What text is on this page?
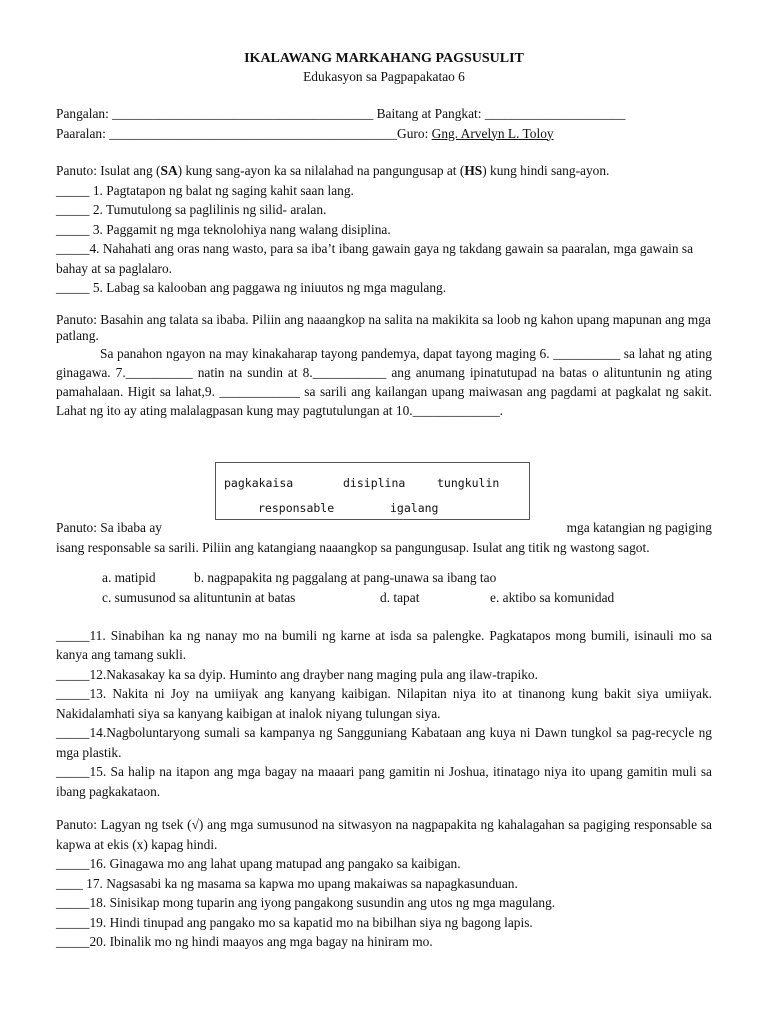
IKALAWANG MARKAHANG PAGSUSULIT
Edukasyon sa Pagpapakatao 6
Pangalan: _______________________________________ Baitang at Pangkat: _____________________
Paaralan: ___________________________________________Guro: Gng. Arvelyn L. Toloy
Panuto: Isulat ang (SA) kung sang-ayon ka sa nilalahad na pangungusap at (HS) kung hindi sang-ayon.
_____ 1. Pagtatapon ng balat ng saging kahit saan lang.
_____ 2. Tumutulong sa paglilinis ng silid- aralan.
_____ 3. Paggamit ng mga teknolohiya nang walang disiplina.
_____4. Nahahati ang oras nang wasto, para sa iba’t ibang gawain gaya ng takdang gawain sa paaralan, mga gawain sa bahay at sa paglalaro.
_____ 5. Labag sa kalooban ang paggawa ng iniuutos ng mga magulang.
Panuto: Basahin ang talata sa ibaba. Piliin ang naaangkop na salita na makikita sa loob ng kahon upang mapunan ang mga patlang.
Sa panahon ngayon na may kinakaharap tayong pandemya, dapat tayong maging 6. __________ sa lahat ng ating ginagawa. 7.__________ natin na sundin at 8.___________ ang anumang ipinatutupad na batas o alituntunin ng ating pamahalaan. Higit sa lahat,9. ____________ sa sarili ang kailangan upang maiwasan ang pagdami at pagkalat ng sakit. Lahat ng ito ay ating malalagpasan kung may pagtutulungan at 10._____________.
pagkakaisa	disiplina	tungkulin
responsable	igalang
Panuto: Sa ibaba ay	mga katangian ng pagiging
isang responsable sa sarili. Piliin ang katangiang naaangkop sa pangungusap. Isulat ang titik ng wastong sagot.
a. matipid	b. nagpapakita ng paggalang at pang-unawa sa ibang tao
c. sumusunod sa alituntunin at batas	d. tapat	e. aktibo sa komunidad
_____11. Sinabihan ka ng nanay mo na bumili ng karne at isda sa palengke. Pagkatapos mong bumili, isinauli mo sa kanya ang tamang sukli.
_____12.Nakasakay ka sa dyip. Huminto ang drayber nang maging pula ang ilaw-trapiko.
_____13. Nakita ni Joy na umiiyak ang kanyang kaibigan. Nilapitan niya ito at tinanong kung bakit siya umiiyak. Nakidalamhati siya sa kanyang kaibigan at inalok niyang tulungan siya.
_____14.Nagboluntaryong sumali sa kampanya ng Sangguniang Kabataan ang kuya ni Dawn tungkol sa pag-recycle ng mga plastik.
_____15. Sa halip na itapon ang mga bagay na maaari pang gamitin ni Joshua, itinatago niya ito upang gamitin muli sa ibang pagkakataon.
Panuto: Lagyan ng tsek (√) ang mga sumusunod na sitwasyon na nagpapakita ng kahalagahan sa pagiging responsable sa kapwa at ekis (x) kapag hindi.
_____16. Ginagawa mo ang lahat upang matupad ang pangako sa kaibigan.
____ 17. Nagsasabi ka ng masama sa kapwa mo upang makaiwas sa napagkasunduan.
_____18. Sinisikap mong tuparin ang iyong pangakong susundin ang utos ng mga magulang.
_____19. Hindi tinupad ang pangako mo sa kapatid mo na bibilhan siya ng bagong lapis.
_____20. Ibinalik mo ng hindi maayos ang mga bagay na hiniram mo.
